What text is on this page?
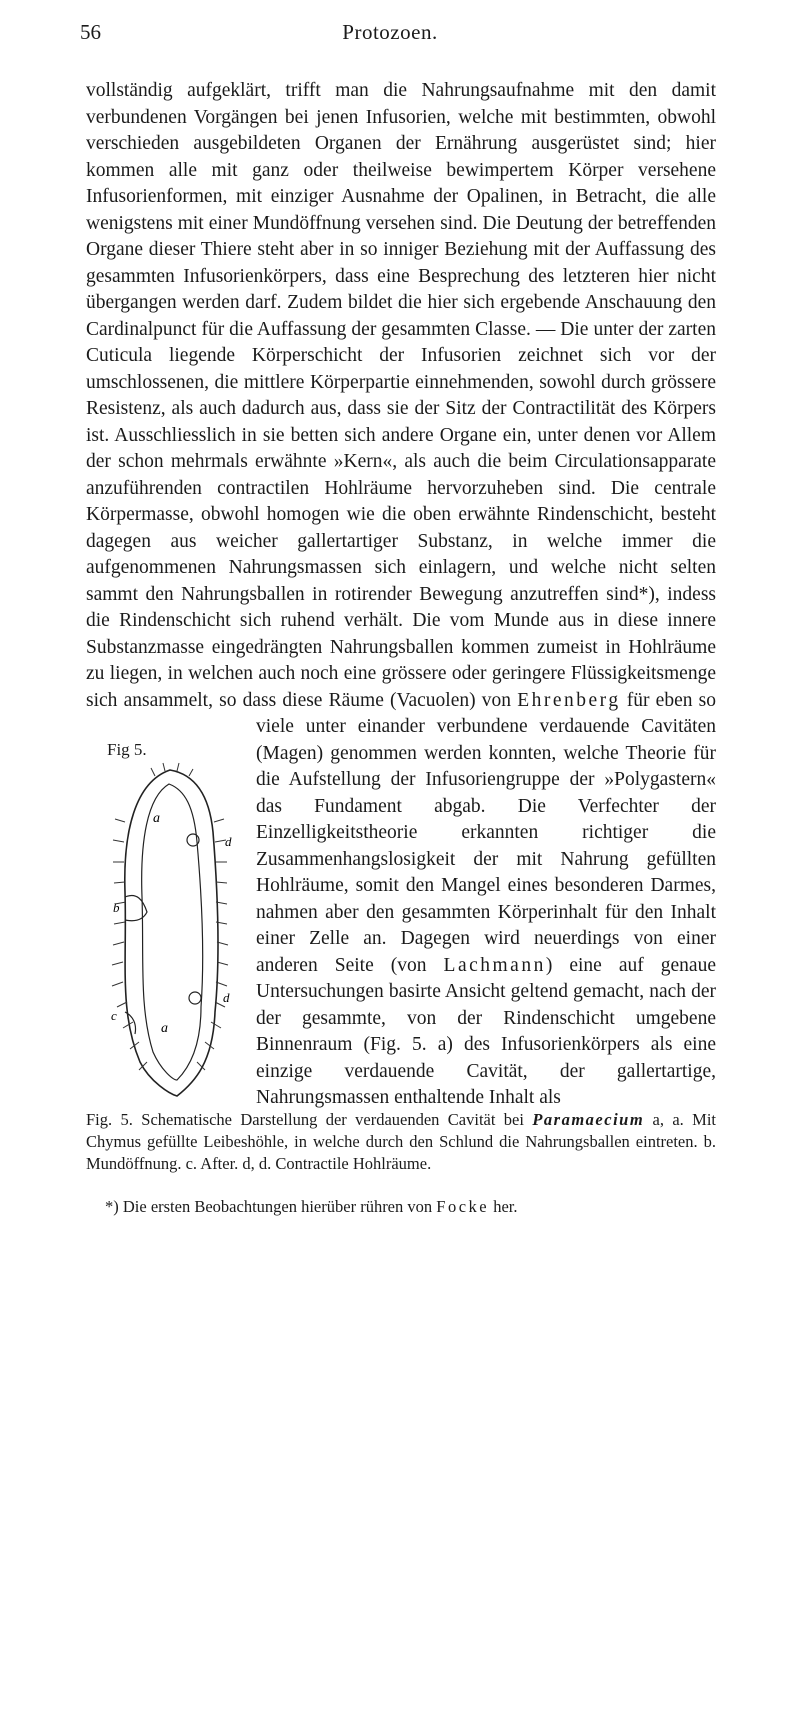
56	Protozoen.

vollständig aufgeklärt, trifft man die Nahrungsaufnahme mit den damit verbundenen Vorgängen bei jenen Infusorien, welche mit bestimmten, obwohl verschieden ausgebildeten Organen der Ernährung ausgerüstet sind; hier kommen alle mit ganz oder theilweise bewimpertem Körper versehene Infusorienformen, mit einziger Ausnahme der Opalinen, in Betracht, die alle wenigstens mit einer Mundöffnung versehen sind. Die Deutung der betreffenden Organe dieser Thiere steht aber in so inniger Beziehung mit der Auffassung des gesammten Infusorienkörpers, dass eine Besprechung des letzteren hier nicht übergangen werden darf. Zudem bildet die hier sich ergebende Anschauung den Cardinalpunct für die Auffassung der gesammten Classe. — Die unter der zarten Cuticula liegende Körperschicht der Infusorien zeichnet sich vor der umschlossenen, die mittlere Körperpartie einnehmenden, sowohl durch grössere Resistenz, als auch dadurch aus, dass sie der Sitz der Contractilität des Körpers ist. Ausschliesslich in sie betten sich andere Organe ein, unter denen vor Allem der schon mehrmals erwähnte »Kern«, als auch die beim Circulationsapparate anzuführenden contractilen Hohlräume hervorzuheben sind. Die centrale Körpermasse, obwohl homogen wie die oben erwähnte Rindenschicht, besteht dagegen aus weicher gallertartiger Substanz, in welche immer die aufgenommenen Nahrungsmassen sich einlagern, und welche nicht selten sammt den Nahrungsballen in rotirender Bewegung anzutreffen sind*), indess die Rindenschicht sich ruhend verhält. Die vom Munde aus in diese innere Substanzmasse eingedrängten Nahrungsballen kommen zumeist in Hohlräume zu liegen, in welchen auch noch eine grössere oder geringere Flüssigkeitsmenge sich ansammelt, so dass diese Räume (Vacuolen) von Ehrenberg für eben so viele unter einander verbundene verdauende Cavitäten (Magen) genommen werden konnten, welche Theorie für die Aufstellung der Infusoriengruppe der »Polygastern« das Fundament abgab. Die Verfechter der Einzelligkeitstheorie erkannten richtiger die Zusammenhangslosigkeit der mit Nahrung gefüllten Hohlräume, somit den Mangel eines besonderen Darmes, nahmen aber den gesammten Körperinhalt für den Inhalt einer Zelle an. Dagegen wird neuerdings von einer anderen Seite (von Lachmann) eine auf genaue Untersuchungen basirte Ansicht geltend gemacht, nach der der gesammte, von der Rindenschicht umgebene Binnenraum (Fig. 5. a) des Infusorienkörpers als eine einzige verdauende Cavität, der gallertartige, Nahrungsmassen enthaltende Inhalt als

Fig 5.
a
a
b
c
d
d
Fig. 5. Schematische Darstellung der verdauenden Cavität bei Paramaecium a, a. Mit Chymus gefüllte Leibeshöhle, in welche durch den Schlund die Nahrungsballen eintreten. b. Mundöffnung. c. After. d, d. Contractile Hohlräume.
*) Die ersten Beobachtungen hierüber rühren von Focke her.
